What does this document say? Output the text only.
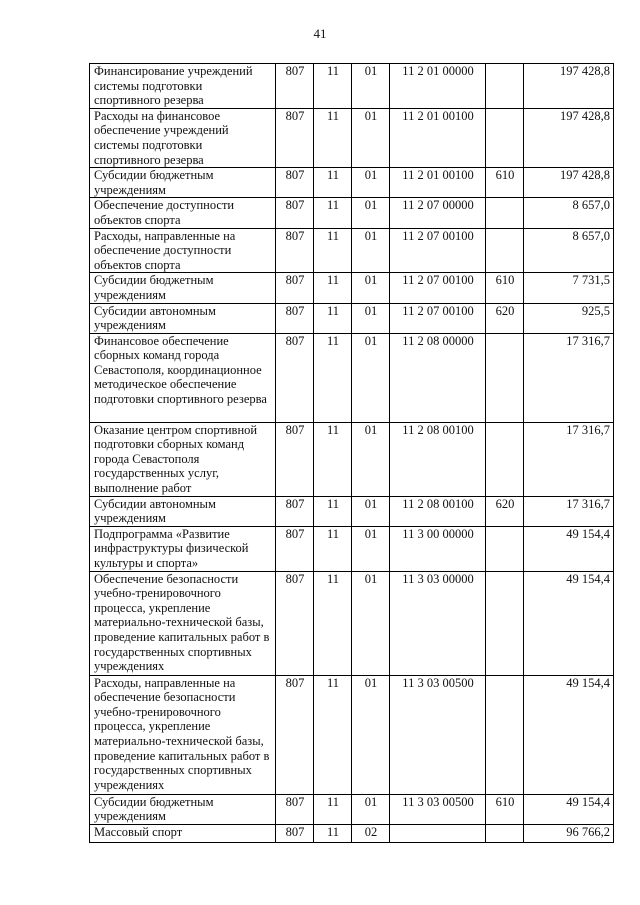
41
Финансирование учреждений системы подготовки спортивного резерва	807	11	01	11 2 01 00000		197 428,8
Расходы на финансовое обеспечение учреждений системы подготовки спортивного резерва	807	11	01	11 2 01 00100		197 428,8
Субсидии бюджетным учреждениям	807	11	01	11 2 01 00100	610	197 428,8
Обеспечение доступности объектов спорта	807	11	01	11 2 07 00000		8 657,0
Расходы, направленные на обеспечение доступности объектов спорта	807	11	01	11 2 07 00100		8 657,0
Субсидии бюджетным учреждениям	807	11	01	11 2 07 00100	610	7 731,5
Субсидии автономным учреждениям	807	11	01	11 2 07 00100	620	925,5
Финансовое обеспечение сборных команд города Севастополя, координационное методическое обеспечение подготовки спортивного резерва	807	11	01	11 2 08 00000		17 316,7
Оказание центром спортивной подготовки сборных команд города Севастополя государственных услуг, выполнение работ	807	11	01	11 2 08 00100		17 316,7
Субсидии автономным учреждениям	807	11	01	11 2 08 00100	620	17 316,7
Подпрограмма «Развитие инфраструктуры физической культуры и спорта»	807	11	01	11 3 00 00000		49 154,4
Обеспечение безопасности учебно-тренировочного процесса, укрепление материально-технической базы, проведение капитальных работ в государственных спортивных учреждениях	807	11	01	11 3 03 00000		49 154,4
Расходы, направленные на обеспечение безопасности учебно-тренировочного процесса, укрепление материально-технической базы, проведение капитальных работ в государственных спортивных учреждениях	807	11	01	11 3 03 00500		49 154,4
Субсидии бюджетным учреждениям	807	11	01	11 3 03 00500	610	49 154,4
Массовый спорт	807	11	02			96 766,2
